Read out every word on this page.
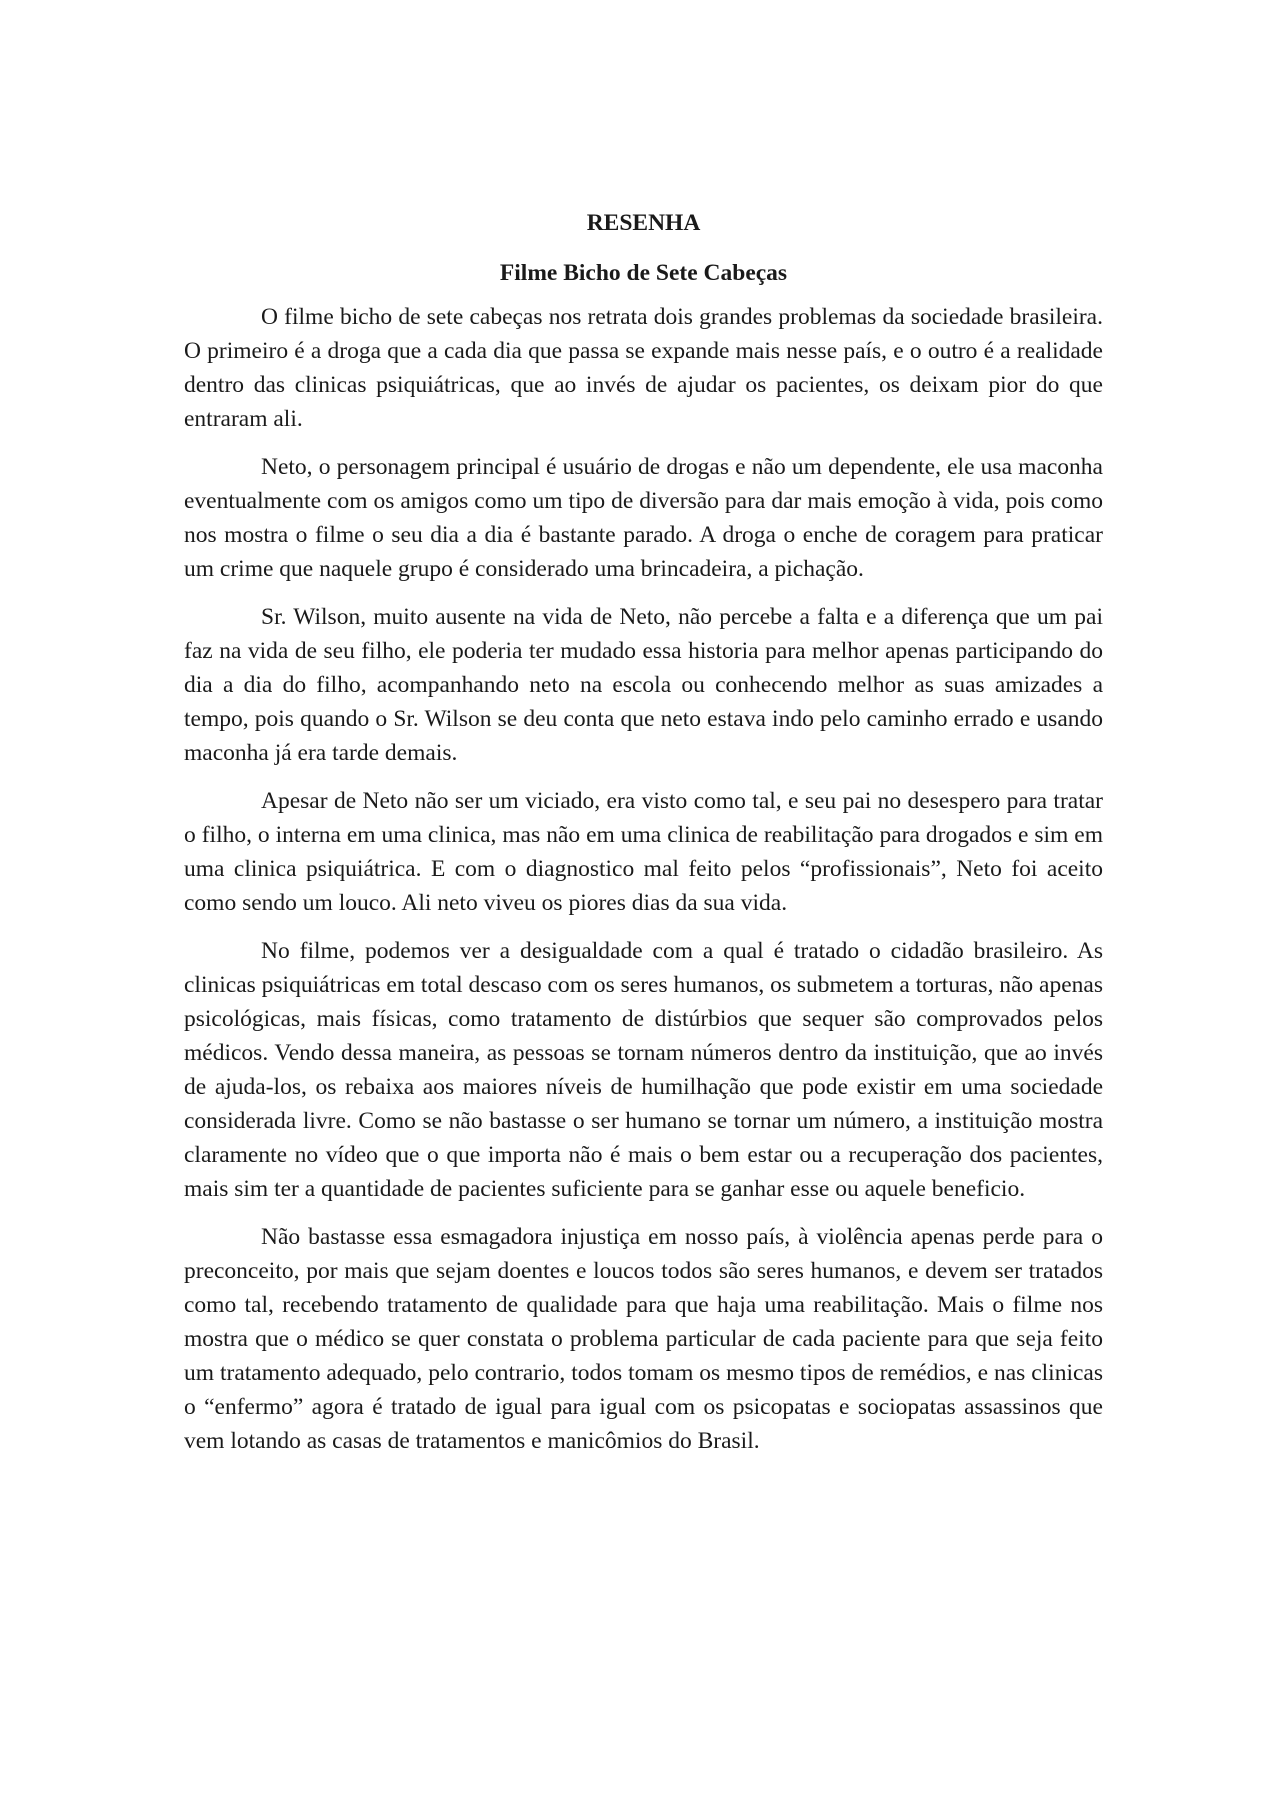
RESENHA

Filme Bicho de Sete Cabeças

O filme bicho de sete cabeças nos retrata dois grandes problemas da sociedade brasileira. O primeiro é a droga que a cada dia que passa se expande mais nesse país, e o outro é a realidade dentro das clinicas psiquiátricas, que ao invés de ajudar os pacientes, os deixam pior do que entraram ali.

Neto, o personagem principal é usuário de drogas e não um dependente, ele usa maconha eventualmente com os amigos como um tipo de diversão para dar mais emoção à vida, pois como nos mostra o filme o seu dia a dia é bastante parado. A droga o enche de coragem para praticar um crime que naquele grupo é considerado uma brincadeira, a pichação.

Sr. Wilson, muito ausente na vida de Neto, não percebe a falta e a diferença que um pai faz na vida de seu filho, ele poderia ter mudado essa historia para melhor apenas participando do dia a dia do filho, acompanhando neto na escola ou conhecendo melhor as suas amizades a tempo, pois quando o Sr. Wilson se deu conta que neto estava indo pelo caminho errado e usando maconha já era tarde demais.

Apesar de Neto não ser um viciado, era visto como tal, e seu pai no desespero para tratar o filho, o interna em uma clinica, mas não em uma clinica de reabilitação para drogados e sim em uma clinica psiquiátrica. E com o diagnostico mal feito pelos “profissionais”, Neto foi aceito como sendo um louco. Ali neto viveu os piores dias da sua vida.

No filme, podemos ver a desigualdade com a qual é tratado o cidadão brasileiro. As clinicas psiquiátricas em total descaso com os seres humanos, os submetem a torturas, não apenas psicológicas, mais físicas, como tratamento de distúrbios que sequer são comprovados pelos médicos. Vendo dessa maneira, as pessoas se tornam números dentro da instituição, que ao invés de ajuda-los, os rebaixa aos maiores níveis de humilhação que pode existir em uma sociedade considerada livre. Como se não bastasse o ser humano se tornar um número, a instituição mostra claramente no vídeo que o que importa não é mais o bem estar ou a recuperação dos pacientes, mais sim ter a quantidade de pacientes suficiente para se ganhar esse ou aquele beneficio.

Não bastasse essa esmagadora injustiça em nosso país, à violência apenas perde para o preconceito, por mais que sejam doentes e loucos todos são seres humanos, e devem ser tratados como tal, recebendo tratamento de qualidade para que haja uma reabilitação. Mais o filme nos mostra que o médico se quer constata o problema particular de cada paciente para que seja feito um tratamento adequado, pelo contrario, todos tomam os mesmo tipos de remédios, e nas clinicas o “enfermo” agora é tratado de igual para igual com os psicopatas e sociopatas assassinos que vem lotando as casas de tratamentos e manicômios do Brasil.
